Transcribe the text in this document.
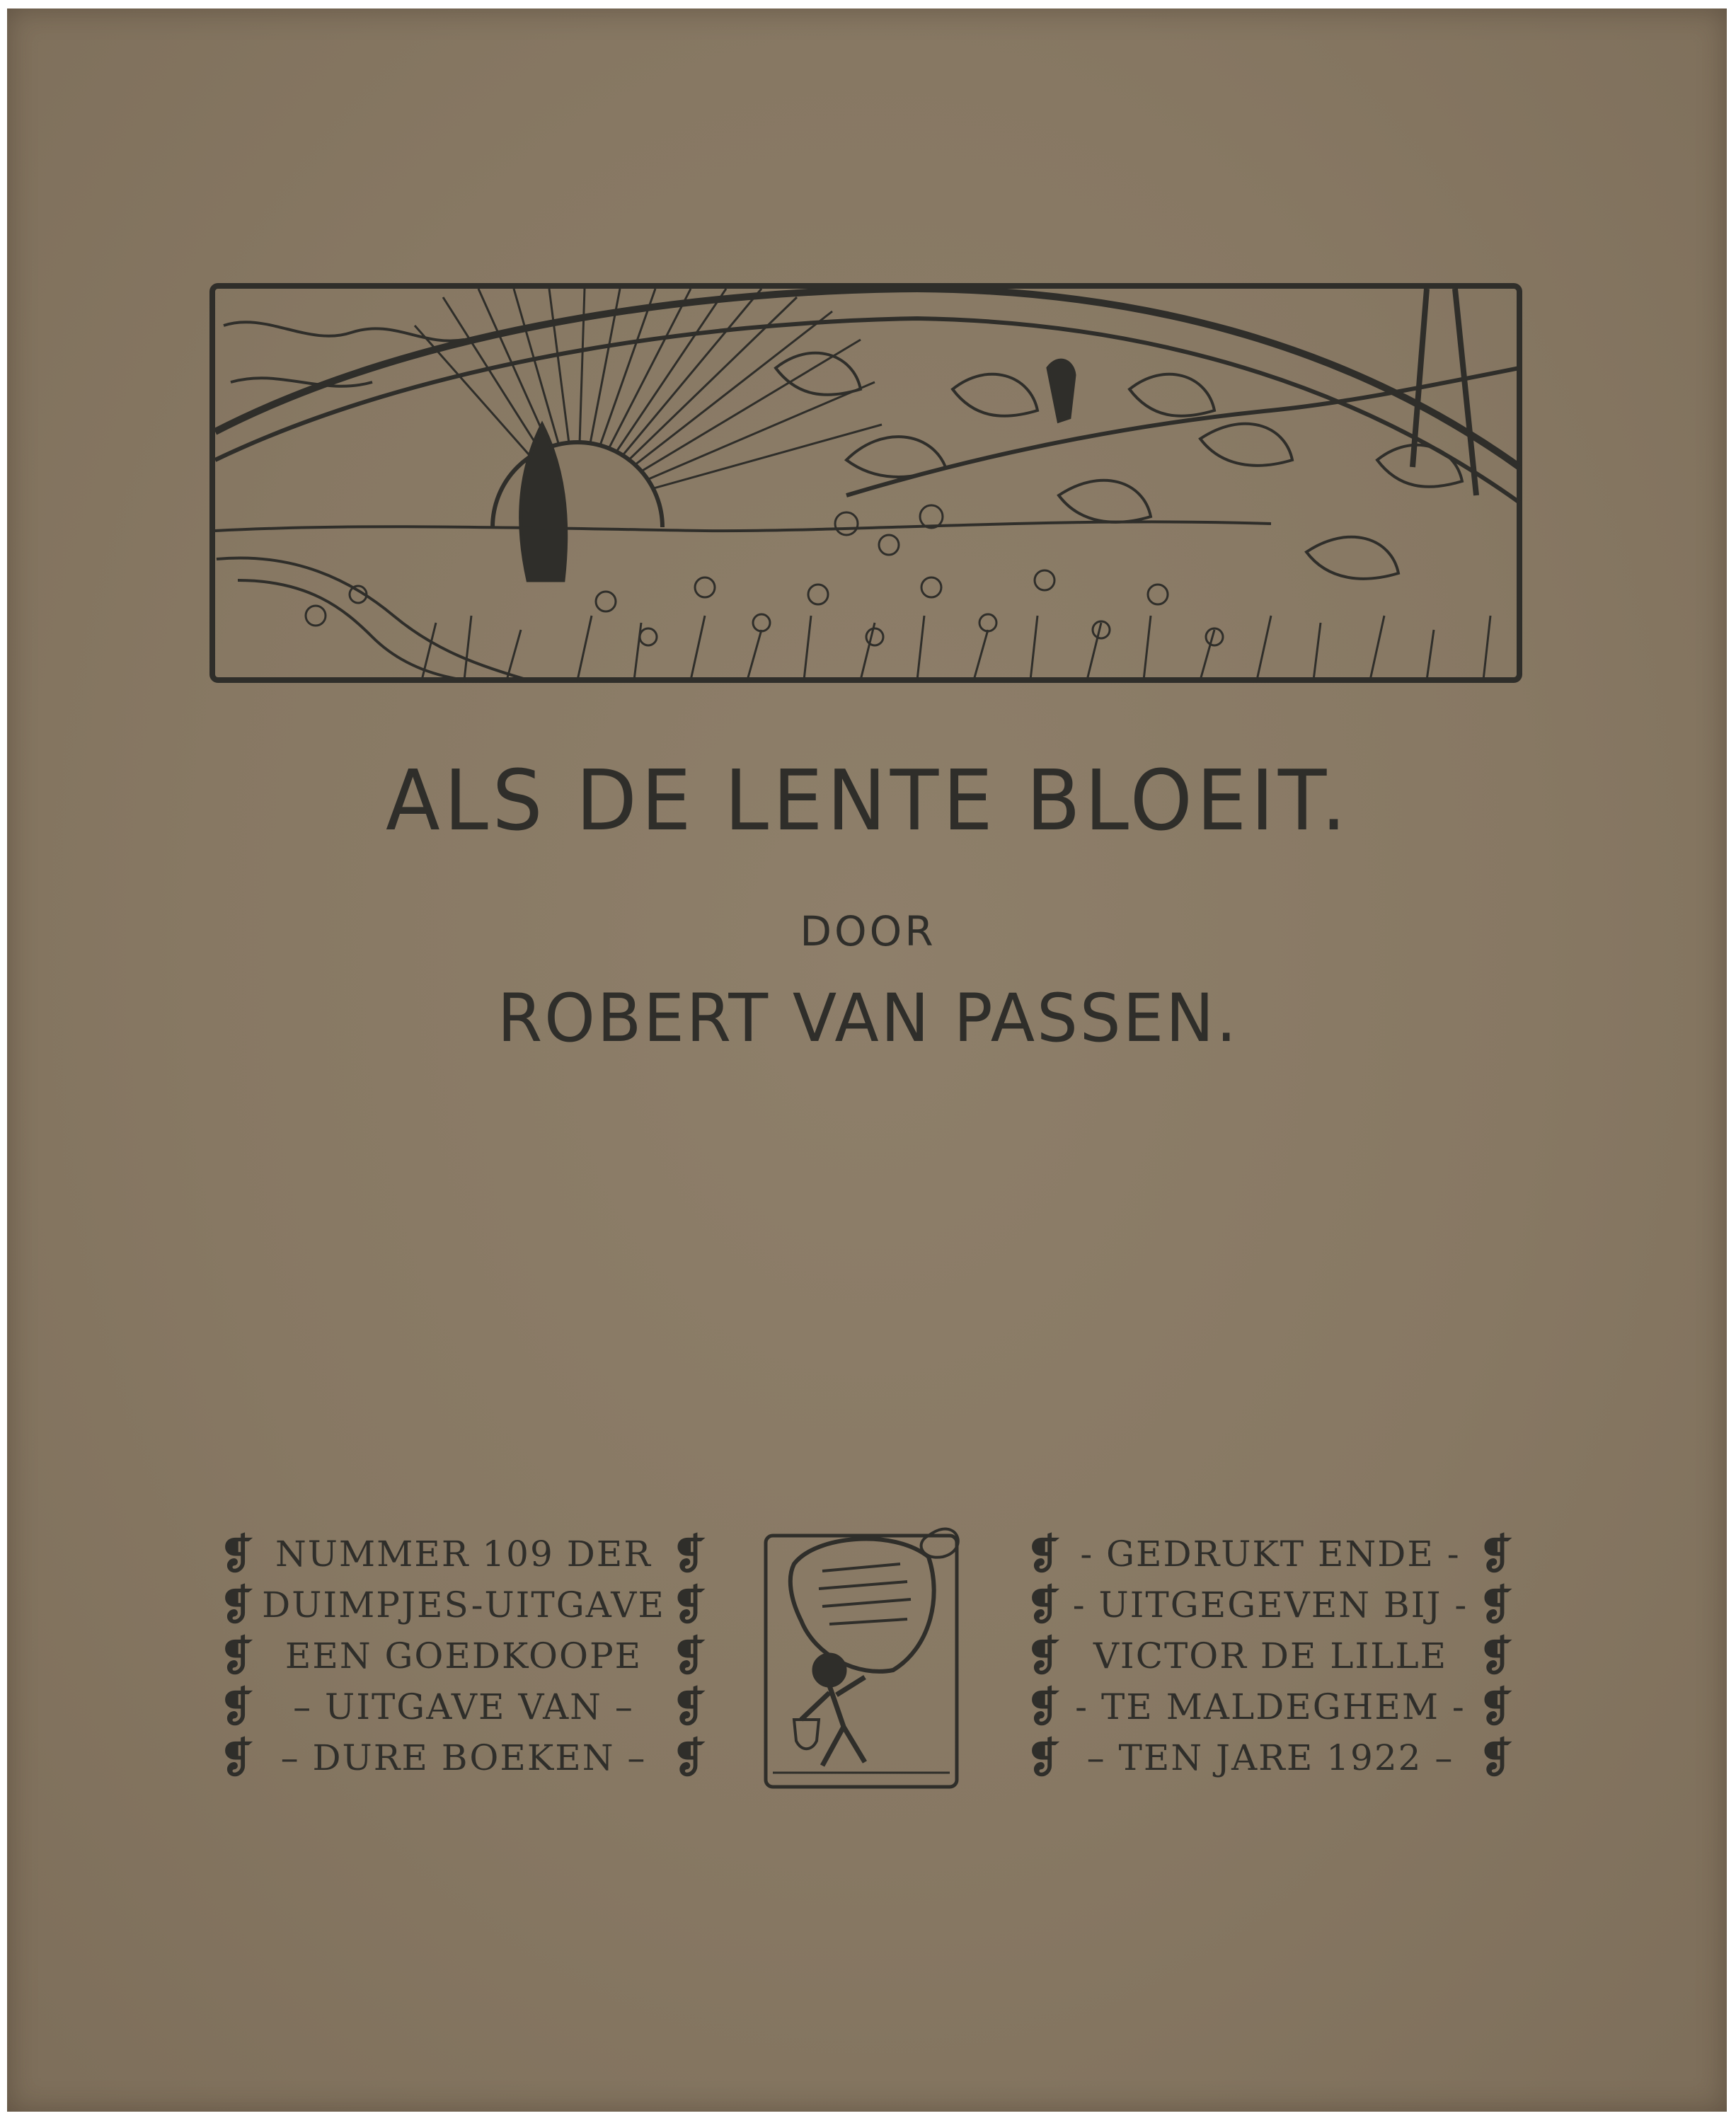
ALS DE LENTE BLOEIT.
DOOR
ROBERT VAN PASSEN.
❡ NUMMER 109 DER ❡
❡ DUIMPJES-UITGAVE ❡
❡ EEN GOEDKOOPE ❡
❡	– UITGAVE VAN – ❡
❡ – DURE BOEKEN – ❡
❡ - GEDRUKT ENDE - ❡
❡ - UITGEGEVEN BIJ - ❡
❡ VICTOR DE LILLE ❡
❡ - TE MALDEGHEM - ❡
❡ – TEN JARE 1922 – ❡
